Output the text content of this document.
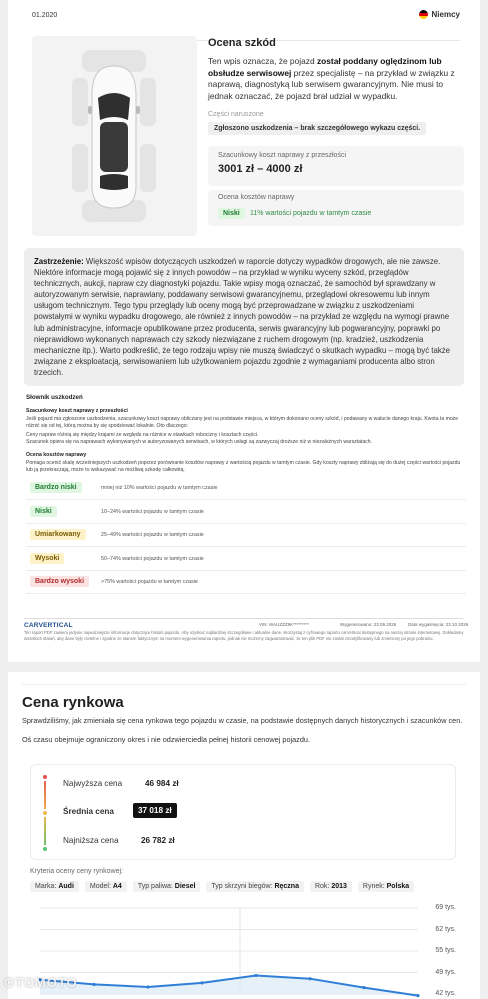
01.2020	Niemcy
Ocena szkód
Ten wpis oznacza, że pojazd został poddany oględzinom lub obsłudze serwisowej przez specjalistę – na przykład w związku z naprawą, diagnostyką lub serwisem gwarancyjnym. Nie musi to jednak oznaczać, że pojazd brał udział w wypadku.
Części naruszone
Zgłoszono uszkodzenia – brak szczegółowego wykazu części.
Szacunkowy koszt naprawy z przeszłości
3001 zł – 4000 zł
Ocena kosztów naprawy
Niski	11% wartości pojazdu w tamtym czasie
Zastrzeżenie: Większość wpisów dotyczących uszkodzeń w raporcie dotyczy wypadków drogowych, ale nie zawsze. Niektóre informacje mogą pojawić się z innych powodów – na przykład w wyniku wyceny szkód, przeglądów technicznych, aukcji, napraw czy diagnostyki pojazdu. Takie wpisy mogą oznaczać, że samochód był sprawdzany w autoryzowanym serwisie, naprawiany, poddawany serwisowi gwarancyjnemu, przeglądowi okresowemu lub innym usługom technicznym. Tego typu przeglądy lub oceny mogą być przeprowadzane w związku z uszkodzeniami powstałymi w wyniku wypadku drogowego, ale również z innych powodów – na przykład ze względu na wymogi prawne lub administracyjne, informacje opublikowane przez producenta, serwis gwarancyjny lub pogwarancyjny, poprawki po nieprawidłowo wykonanych naprawach czy szkody niezwiązane z ruchem drogowym (np. kradzież, uszkodzenia mechaniczne itp.). Warto podkreślić, że tego rodzaju wpisy nie muszą świadczyć o skutkach wypadku – mogą być także związane z eksploatacją, serwisowaniem lub użytkowaniem pojazdu zgodnie z wymaganiami producenta albo stron trzecich.
Słownik uszkodzeń
Szacunkowy koszt naprawy z przeszłości
Jeśli pojazd ma zgłoszone uszkodzenia, szacunkowy koszt naprawy obliczany jest na podstawie miejsca, w którym dokonano oceny szkód, i podawany w walucie danego kraju. Kwota ta może różnić się od tej, którą można by się spodziewać lokalnie. Oto dlaczego:
Ceny napraw różnią się między krajami ze względu na różnice w stawkach robocizny i kosztach części.
Szacunek opiera się na naprawach wykonywanych w autoryzowanych serwisach, w których usługi są zazwyczaj droższe niż w niezależnych warsztatach.
Ocena kosztów naprawy
Pomaga ocenić skalę wcześniejszych uszkodzeń poprzez porównanie kosztów naprawy z wartością pojazdu w tamtym czasie. Gdy koszty naprawy zbliżają się do dużej części wartości pojazdu lub ją przekraczają, może to wskazywać na możliwą szkodę całkowitą.
Bardzo niski	mniej niż 10% wartości pojazdu w tamtym czasie
Niski	10–24% wartości pojazdu w tamtym czasie
Umiarkowany	25–49% wartości pojazdu w tamtym czasie
Wysoki	50–74% wartości pojazdu w tamtym czasie
Bardzo wysoki	>75% wartości pojazdu w tamtym czasie
CARVERTICAL	VIN: WAUZZZ8K*********	Wygenerowano: 23.09.2026	Data wygaśnięcia: 23.10.2026
Ten raport PDF zawiera jedynie najważniejsze informacje dotyczące historii pojazdu. Aby uzyskać najbardziej szczegółowe i aktualne dane, skorzystaj z cyfrowego raportu carVertical dostępnego na naszej stronie internetowej. Dokładamy wszelkich starań, aby dane były rzetelne i zgodne ze stanem faktycznym na moment wygenerowania raportu, jednak nie możemy zagwarantować, że ten plik PDF nie został zmodyfikowany lub zmieniony po jego pobraniu.
Cena rynkowa
Sprawdziliśmy, jak zmieniała się cena rynkowa tego pojazdu w czasie, na podstawie dostępnych danych historycznych i szacunków cen.
Oś czasu obejmuje ograniczony okres i nie odzwierciedla pełnej historii cenowej pojazdu.
Najwyższa cena	46 984 zł
Średnia cena	37 018 zł
Najniższa cena	26 782 zł
Kryteria oceny ceny rynkowej:
Marka: Audi	Model: A4	Typ paliwa: Diesel	Typ skrzyni biegów: Ręczna	Rok: 2013	Rynek: Polska
69 tys.
62 tys.
55 tys.
49 tys.
42 tys.
OTOMOTO
